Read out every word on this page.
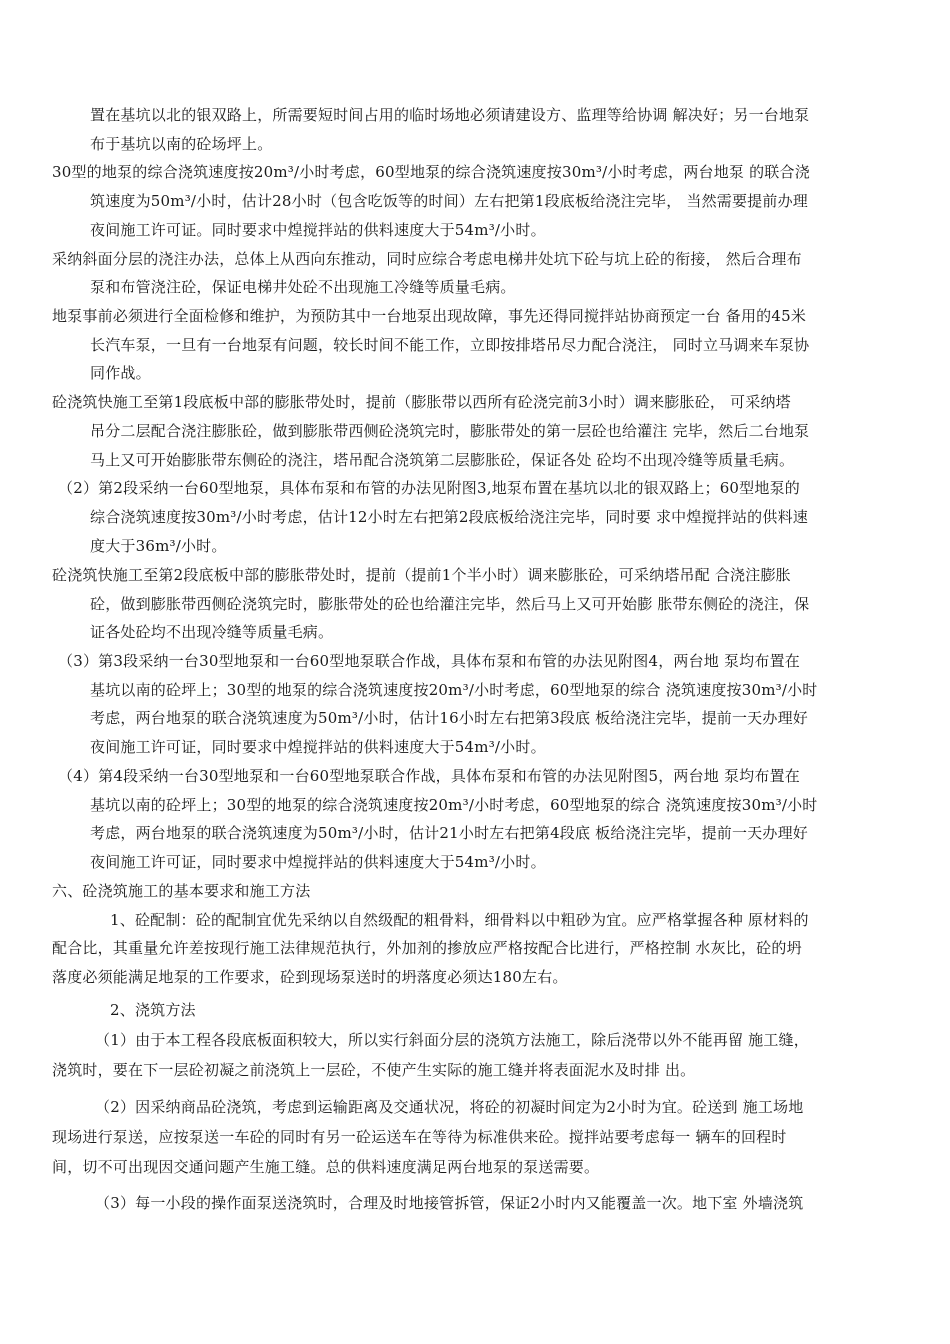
置在基坑以北的银双路上，所需要短时间占用的临时场地必须请建设方、监理等给协调 解决好；另一台地泵
布于基坑以南的砼场坪上。
30型的地泵的综合浇筑速度按20m³/小时考虑，60型地泵的综合浇筑速度按30m³/小时考虑，两台地泵 的联合浇
筑速度为50m³/小时，估计28小时（包含吃饭等的时间）左右把第1段底板给浇注完毕， 当然需要提前办理
夜间施工许可证。同时要求中煌搅拌站的供料速度大于54m³/小时。
采纳斜面分层的浇注办法，总体上从西向东推动，同时应综合考虑电梯井处坑下砼与坑上砼的衔接， 然后合理布
泵和布管浇注砼，保证电梯井处砼不出现施工冷缝等质量毛病。
地泵事前必须进行全面检修和维护，为预防其中一台地泵出现故障，事先还得同搅拌站协商预定一台 备用的45米
长汽车泵，一旦有一台地泵有问题，较长时间不能工作，立即按排塔吊尽力配合浇注， 同时立马调来车泵协
同作战。
砼浇筑快施工至第1段底板中部的膨胀带处时，提前（膨胀带以西所有砼浇完前3小时）调来膨胀砼， 可采纳塔
吊分二层配合浇注膨胀砼，做到膨胀带西侧砼浇筑完时，膨胀带处的第一层砼也给灌注 完毕，然后二台地泵
马上又可开始膨胀带东侧砼的浇注，塔吊配合浇筑第二层膨胀砼，保证各处 砼均不出现冷缝等质量毛病。
（2）第2段采纳一台60型地泵，具体布泵和布管的办法见附图3,地泵布置在基坑以北的银双路上；60型地泵的
综合浇筑速度按30m³/小时考虑，估计12小时左右把第2段底板给浇注完毕，同时要 求中煌搅拌站的供料速
度大于36m³/小时。
砼浇筑快施工至第2段底板中部的膨胀带处时，提前（提前1个半小时）调来膨胀砼，可采纳塔吊配 合浇注膨胀
砼，做到膨胀带西侧砼浇筑完时，膨胀带处的砼也给灌注完毕，然后马上又可开始膨 胀带东侧砼的浇注，保
证各处砼均不出现冷缝等质量毛病。
（3）第3段采纳一台30型地泵和一台60型地泵联合作战，具体布泵和布管的办法见附图4，两台地 泵均布置在
基坑以南的砼坪上；30型的地泵的综合浇筑速度按20m³/小时考虑，60型地泵的综合 浇筑速度按30m³/小时
考虑，两台地泵的联合浇筑速度为50m³/小时，估计16小时左右把第3段底 板给浇注完毕，提前一天办理好
夜间施工许可证，同时要求中煌搅拌站的供料速度大于54m³/小时。
（4）第4段采纳一台30型地泵和一台60型地泵联合作战，具体布泵和布管的办法见附图5，两台地 泵均布置在
基坑以南的砼坪上；30型的地泵的综合浇筑速度按20m³/小时考虑，60型地泵的综合 浇筑速度按30m³/小时
考虑，两台地泵的联合浇筑速度为50m³/小时，估计21小时左右把第4段底 板给浇注完毕，提前一天办理好
夜间施工许可证，同时要求中煌搅拌站的供料速度大于54m³/小时。
六、砼浇筑施工的基本要求和施工方法
1、砼配制：砼的配制宜优先采纳以自然级配的粗骨料，细骨料以中粗砂为宜。应严格掌握各种 原材料的
配合比，其重量允许差按现行施工法律规范执行，外加剂的掺放应严格按配合比进行，严格控制 水灰比，砼的坍
落度必须能满足地泵的工作要求，砼到现场泵送时的坍落度必须达180左右。
2、浇筑方法
（1）由于本工程各段底板面积较大，所以实行斜面分层的浇筑方法施工，除后浇带以外不能再留 施工缝，
浇筑时，要在下一层砼初凝之前浇筑上一层砼，不使产生实际的施工缝并将表面泥水及时排 出。
（2）因采纳商品砼浇筑，考虑到运输距离及交通状况，将砼的初凝时间定为2小时为宜。砼送到 施工场地
现场进行泵送，应按泵送一车砼的同时有另一砼运送车在等待为标准供来砼。搅拌站要考虑每一 辆车的回程时
间，切不可出现因交通问题产生施工缝。总的供料速度满足两台地泵的泵送需要。
（3）每一小段的操作面泵送浇筑时，合理及时地接管拆管，保证2小时内又能覆盖一次。地下室 外墙浇筑
